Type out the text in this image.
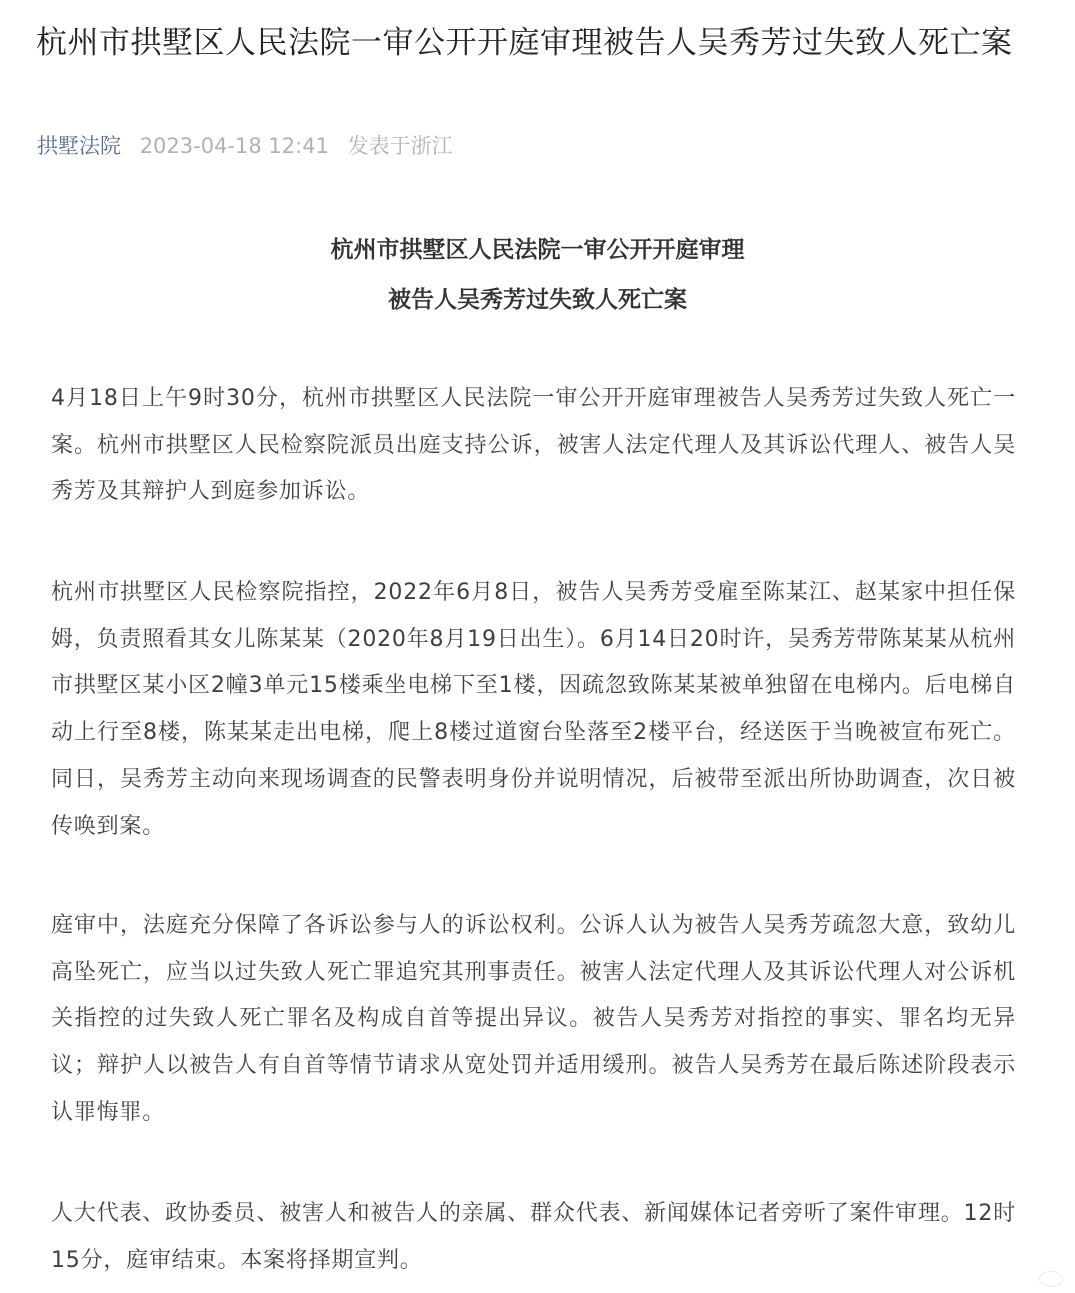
杭州市拱墅区人民法院一审公开开庭审理被告人吴秀芳过失致人死亡案
拱墅法院 2023-04-18 12:41 发表于浙江
杭州市拱墅区人民法院一审公开开庭审理
被告人吴秀芳过失致人死亡案
4月18日上午9时30分，杭州市拱墅区人民法院一审公开开庭审理被告人吴秀芳过失致人死亡一案。杭州市拱墅区人民检察院派员出庭支持公诉，被害人法定代理人及其诉讼代理人、被告人吴秀芳及其辩护人到庭参加诉讼。
杭州市拱墅区人民检察院指控，2022年6月8日，被告人吴秀芳受雇至陈某江、赵某家中担任保姆，负责照看其女儿陈某某（2020年8月19日出生）。6月14日20时许，吴秀芳带陈某某从杭州市拱墅区某小区2幢3单元15楼乘坐电梯下至1楼，因疏忽致陈某某被单独留在电梯内。后电梯自动上行至8楼，陈某某走出电梯，爬上8楼过道窗台坠落至2楼平台，经送医于当晚被宣布死亡。同日，吴秀芳主动向来现场调查的民警表明身份并说明情况，后被带至派出所协助调查，次日被传唤到案。
庭审中，法庭充分保障了各诉讼参与人的诉讼权利。公诉人认为被告人吴秀芳疏忽大意，致幼儿高坠死亡，应当以过失致人死亡罪追究其刑事责任。被害人法定代理人及其诉讼代理人对公诉机关指控的过失致人死亡罪名及构成自首等提出异议。被告人吴秀芳对指控的事实、罪名均无异议；辩护人以被告人有自首等情节请求从宽处罚并适用缓刑。被告人吴秀芳在最后陈述阶段表示认罪悔罪。
人大代表、政协委员、被害人和被告人的亲属、群众代表、新闻媒体记者旁听了案件审理。12时15分，庭审结束。本案将择期宣判。
